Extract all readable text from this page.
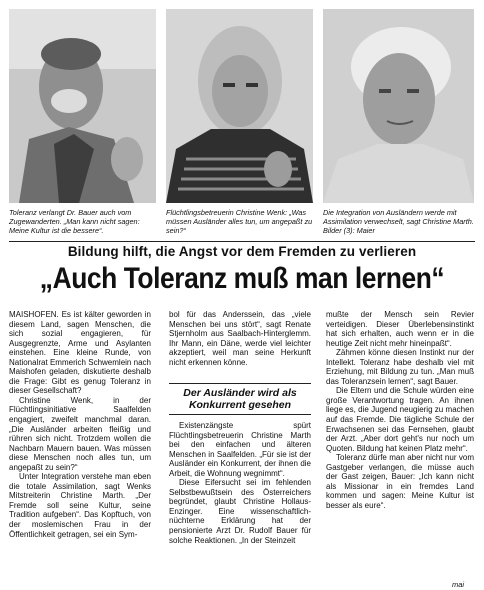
Toleranz verlangt Dr. Bauer auch vom Zugewanderten. „Man kann nicht sagen: Meine Kultur ist die bessere“.
Flüchtlingsbetreuerin Christine Wenk: „Was müssen Ausländer alles tun, um angepaßt zu sein?“
Die Integration von Ausländern werde mit Assimilation verwechselt, sagt Christine Marth. Bilder (3): Maier
Bildung hilft, die Angst vor dem Fremden zu verlieren
„Auch Toleranz muß man lernen“

MAISHOFEN. Es ist kälter geworden in diesem Land, sagen Menschen, die sich sozial engagieren, für Ausgegrenzte, Arme und Asylanten einstehen. Eine kleine Runde, von Nationalrat Emmerich Schwemlein nach Maishofen geladen, diskutierte deshalb die Frage: Gibt es genug Toleranz in dieser Gesellschaft?

Christine Wenk, in der Flüchtlingsinitiative Saalfelden engagiert, zweifelt manchmal daran. „Die Ausländer arbeiten fleißig und rühren sich nicht. Trotzdem wollen die Nachbarn Mauern bauen. Was müssen diese Menschen noch alles tun, um angepaßt zu sein?“

Unter Integration verstehe man eben die totale Assimilation, sagt Wenks Mitstreiterin Christine Marth. „Der Fremde soll seine Kultur, seine Tradition aufgeben“. Das Kopftuch, von der moslemischen Frau in der Öffentlichkeit getragen, sei ein Sym-

bol für das Anderssein, das „viele Menschen bei uns stört“, sagt Renate Stjernholm aus Saalbach-Hinterglemm. Ihr Mann, ein Däne, werde viel leichter akzeptiert, weil man seine Herkunft nicht erkennen könne.

Der Ausländer wird als Konkurrent gesehen

Existenzängste spürt Flüchtlingsbetreuerin Christine Marth bei den einfachen und älteren Menschen in Saalfelden. „Für sie ist der Ausländer ein Konkurrent, der ihnen die Arbeit, die Wohnung wegnimmt“.

Diese Eifersucht sei im fehlenden Selbstbewußtsein des Österreichers begründet, glaubt Christine Hollaus-Enzinger. Eine wissenschaftlich-nüchterne Erklärung hat der pensionierte Arzt Dr. Rudolf Bauer für solche Reaktionen. „In der Steinzeit

mußte der Mensch sein Revier verteidigen. Dieser Überlebensinstinkt hat sich erhalten, auch wenn er in die heutige Zeit nicht mehr hineinpaßt“.

Zähmen könne diesen Instinkt nur der Intellekt. Toleranz habe deshalb viel mit Erziehung, mit Bildung zu tun. „Man muß das Toleranzsein lernen“, sagt Bauer.

Die Eltern und die Schule würden eine große Verantwortung tragen. An ihnen liege es, die Jugend neugierig zu machen auf das Fremde. Die tägliche Schule der Erwachsenen sei das Fernsehen, glaubt der Arzt. „Aber dort geht's nur noch um Quoten. Bildung hat keinen Platz mehr“.

Toleranz dürfe man aber nicht nur vom Gastgeber verlangen, die müsse auch der Gast zeigen, Bauer: „Ich kann nicht als Missionar in ein fremdes Land kommen und sagen: Meine Kultur ist besser als eure“.

mai
